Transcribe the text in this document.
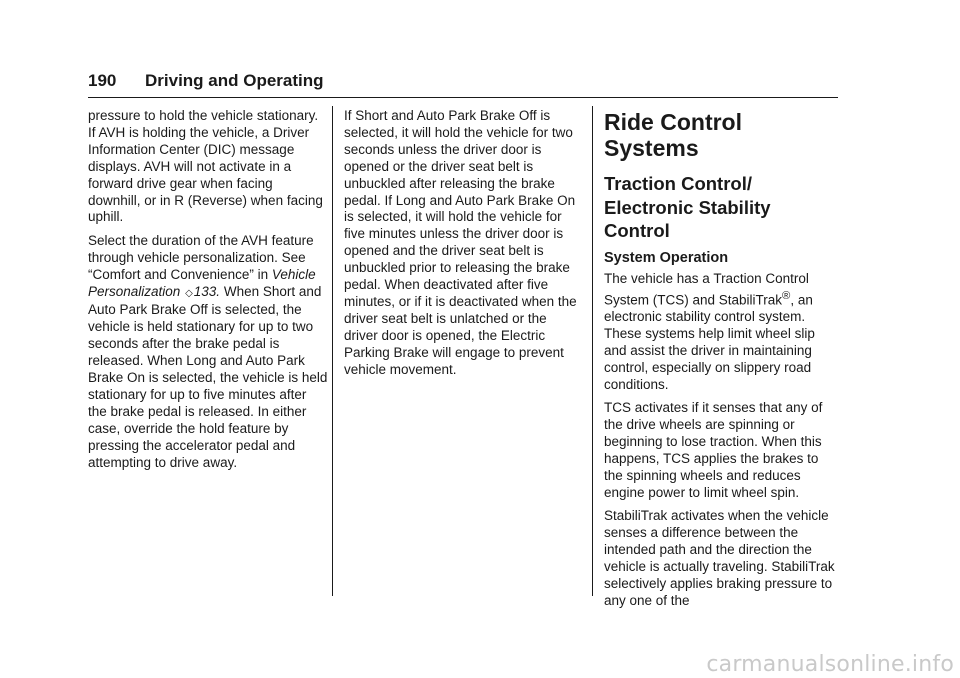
190 Driving and Operating

pressure to hold the vehicle stationary. If AVH is holding the vehicle, a Driver Information Center (DIC) message displays. AVH will not activate in a forward drive gear when facing downhill, or in R (Reverse) when facing uphill.

Select the duration of the AVH feature through vehicle personalization. See “Comfort and Convenience” in Vehicle Personalization ◇133. When Short and Auto Park Brake Off is selected, the vehicle is held stationary for up to two seconds after the brake pedal is released. When Long and Auto Park Brake On is selected, the vehicle is held stationary for up to five minutes after the brake pedal is released. In either case, override the hold feature by pressing the accelerator pedal and attempting to drive away.

If Short and Auto Park Brake Off is selected, it will hold the vehicle for two seconds unless the driver door is opened or the driver seat belt is unbuckled after releasing the brake pedal. If Long and Auto Park Brake On is selected, it will hold the vehicle for five minutes unless the driver door is opened and the driver seat belt is unbuckled prior to releasing the brake pedal. When deactivated after five minutes, or if it is deactivated when the driver seat belt is unlatched or the driver door is opened, the Electric Parking Brake will engage to prevent vehicle movement.

Ride Control Systems
Traction Control/ Electronic Stability Control
System Operation

The vehicle has a Traction Control System (TCS) and StabiliTrak®, an electronic stability control system. These systems help limit wheel slip and assist the driver in maintaining control, especially on slippery road conditions.

TCS activates if it senses that any of the drive wheels are spinning or beginning to lose traction. When this happens, TCS applies the brakes to the spinning wheels and reduces engine power to limit wheel spin.

StabiliTrak activates when the vehicle senses a difference between the intended path and the direction the vehicle is actually traveling. StabiliTrak selectively applies braking pressure to any one of the

carmanualsonline.info
